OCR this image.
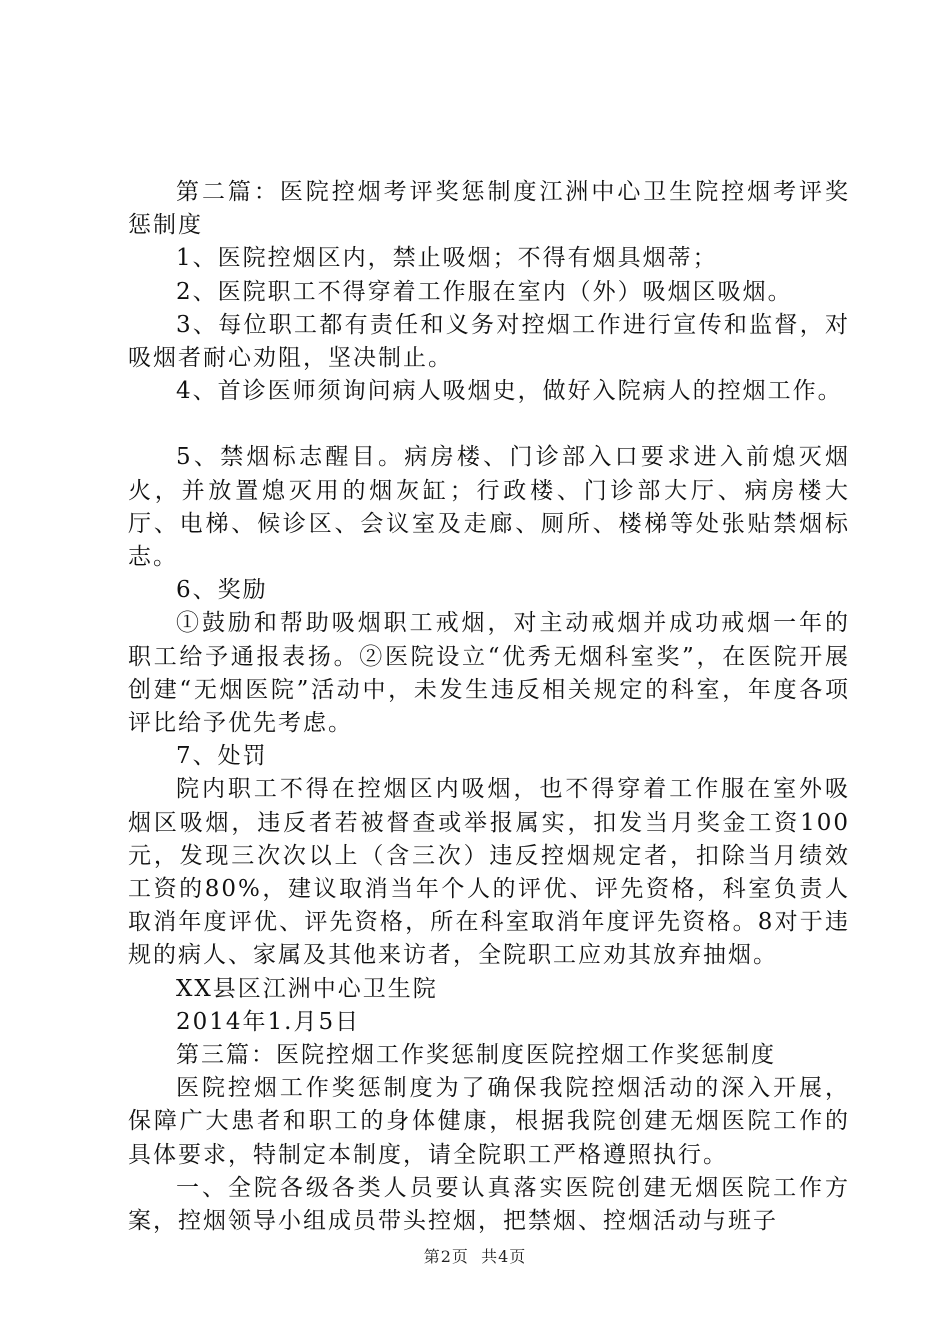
第二篇：医院控烟考评奖惩制度江洲中心卫生院控烟考评奖惩制度

1、医院控烟区内，禁止吸烟；不得有烟具烟蒂；

2、医院职工不得穿着工作服在室内（外）吸烟区吸烟。

3、每位职工都有责任和义务对控烟工作进行宣传和监督，对吸烟者耐心劝阻，坚决制止。

4、首诊医师须询问病人吸烟史，做好入院病人的控烟工作。

5、禁烟标志醒目。病房楼、门诊部入口要求进入前熄灭烟火，并放置熄灭用的烟灰缸；行政楼、门诊部大厅、病房楼大厅、电梯、候诊区、会议室及走廊、厕所、楼梯等处张贴禁烟标志。

6、奖励

①鼓励和帮助吸烟职工戒烟，对主动戒烟并成功戒烟一年的职工给予通报表扬。②医院设立“优秀无烟科室奖”，在医院开展创建“无烟医院”活动中，未发生违反相关规定的科室，年度各项评比给予优先考虑。

7、处罚

院内职工不得在控烟区内吸烟，也不得穿着工作服在室外吸烟区吸烟，违反者若被督查或举报属实，扣发当月奖金工资100元，发现三次次以上（含三次）违反控烟规定者，扣除当月绩效工资的80%，建议取消当年个人的评优、评先资格，科室负责人取消年度评优、评先资格，所在科室取消年度评先资格。8对于违规的病人、家属及其他来访者，全院职工应劝其放弃抽烟。

XX县区江洲中心卫生院

2014年1.月5日

第三篇：医院控烟工作奖惩制度医院控烟工作奖惩制度

医院控烟工作奖惩制度为了确保我院控烟活动的深入开展，保障广大患者和职工的身体健康，根据我院创建无烟医院工作的具体要求，特制定本制度，请全院职工严格遵照执行。

一、全院各级各类人员要认真落实医院创建无烟医院工作方案，控烟领导小组成员带头控烟，把禁烟、控烟活动与班子

第2页 共4页
